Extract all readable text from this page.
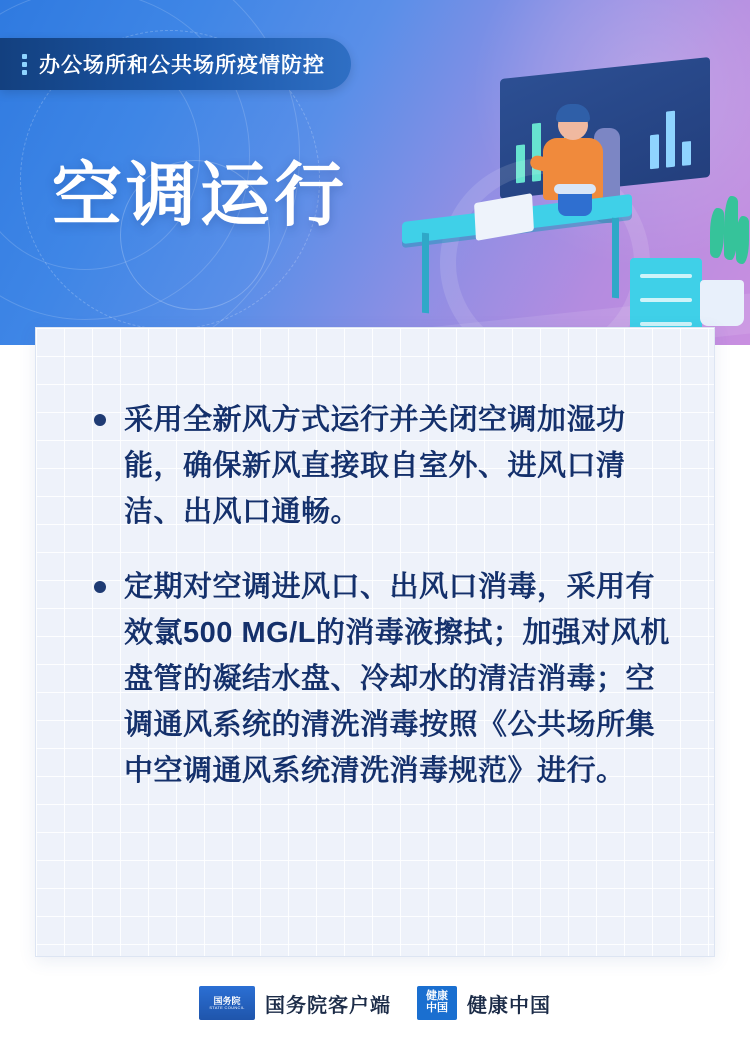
办公场所和公共场所疫情防控
空调运行
采用全新风方式运行并关闭空调加湿功能，确保新风直接取自室外、进风口清洁、出风口通畅。
定期对空调进风口、出风口消毒，采用有效氯500 MG/L的消毒液擦拭；加强对风机盘管的凝结水盘、冷却水的清洁消毒；空调通风系统的清洗消毒按照《公共场所集中空调通风系统清洗消毒规范》进行。
国务院
STATE COUNCIL 国务院客户端	健康
中国 健康中国
